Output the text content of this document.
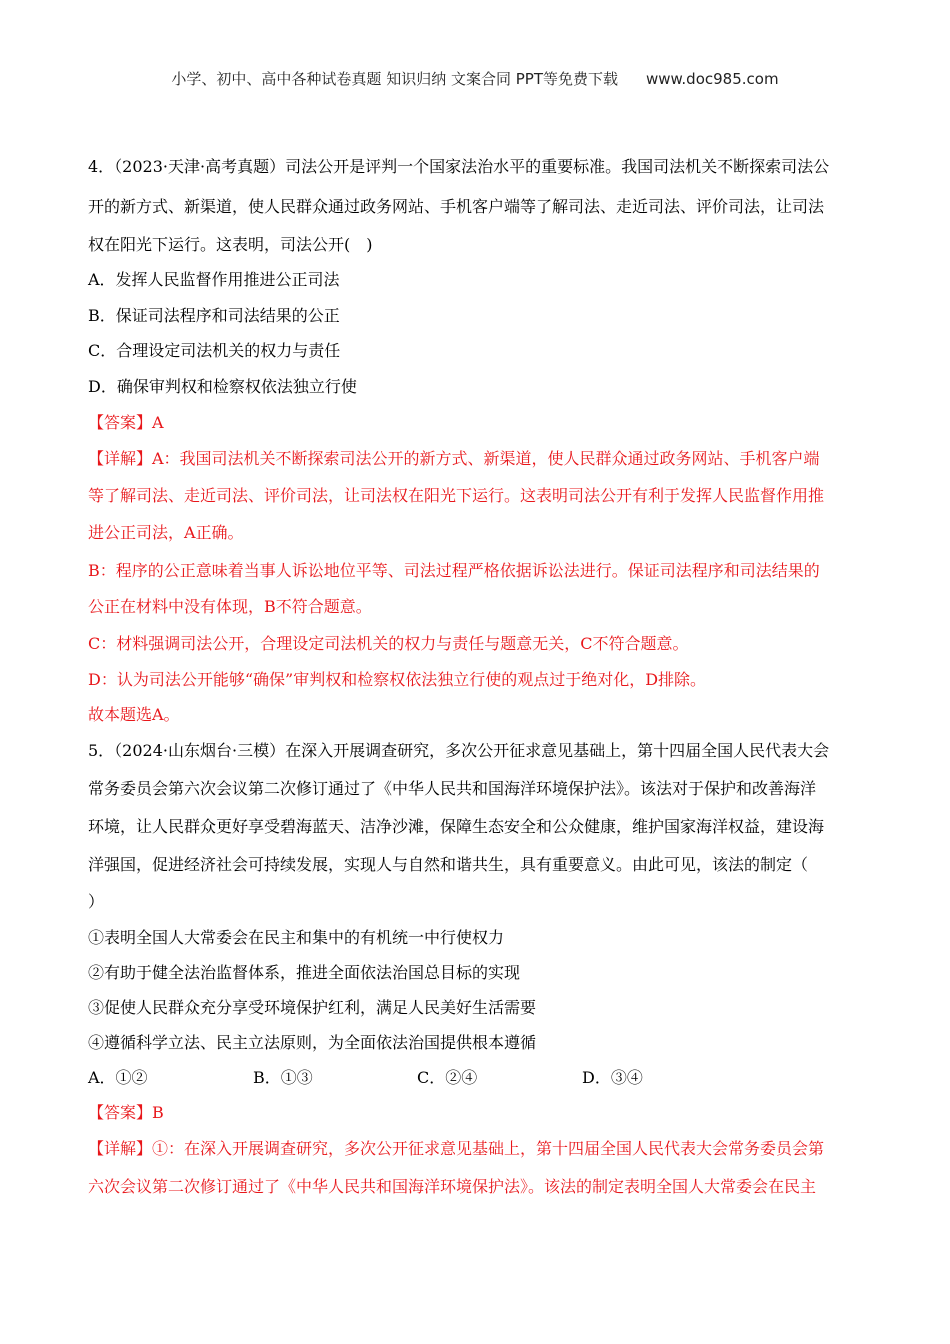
小学、初中、高中各种试卷真题 知识归纳 文案合同 PPT等免费下载 www.doc985.com
4．（2023·天津·高考真题）司法公开是评判一个国家法治水平的重要标准。我国司法机关不断探索司法公
开的新方式、新渠道，使人民群众通过政务网站、手机客户端等了解司法、走近司法、评价司法，让司法
权在阳光下运行。这表明，司法公开(　)
A．发挥人民监督作用推进公正司法
B．保证司法程序和司法结果的公正
C．合理设定司法机关的权力与责任
D．确保审判权和检察权依法独立行使
【答案】A
【详解】A：我国司法机关不断探索司法公开的新方式、新渠道，使人民群众通过政务网站、手机客户端
等了解司法、走近司法、评价司法，让司法权在阳光下运行。这表明司法公开有利于发挥人民监督作用推
进公正司法，A正确。
B：程序的公正意味着当事人诉讼地位平等、司法过程严格依据诉讼法进行。保证司法程序和司法结果的
公正在材料中没有体现，B不符合题意。
C：材料强调司法公开，合理设定司法机关的权力与责任与题意无关，C不符合题意。
D：认为司法公开能够“确保”审判权和检察权依法独立行使的观点过于绝对化，D排除。
故本题选A。
5．（2024·山东烟台·三模）在深入开展调查研究，多次公开征求意见基础上，第十四届全国人民代表大会
常务委员会第六次会议第二次修订通过了《中华人民共和国海洋环境保护法》。该法对于保护和改善海洋
环境，让人民群众更好享受碧海蓝天、洁净沙滩，保障生态安全和公众健康，维护国家海洋权益，建设海
洋强国，促进经济社会可持续发展，实现人与自然和谐共生，具有重要意义。由此可见，该法的制定（
）
①表明全国人大常委会在民主和集中的有机统一中行使权力
②有助于健全法治监督体系，推进全面依法治国总目标的实现
③促使人民群众充分享受环境保护红利，满足人民美好生活需要
④遵循科学立法、民主立法原则，为全面依法治国提供根本遵循
A．①②	B．①③	C．②④	D．③④
【答案】B
【详解】①：在深入开展调查研究，多次公开征求意见基础上，第十四届全国人民代表大会常务委员会第
六次会议第二次修订通过了《中华人民共和国海洋环境保护法》。该法的制定表明全国人大常委会在民主
